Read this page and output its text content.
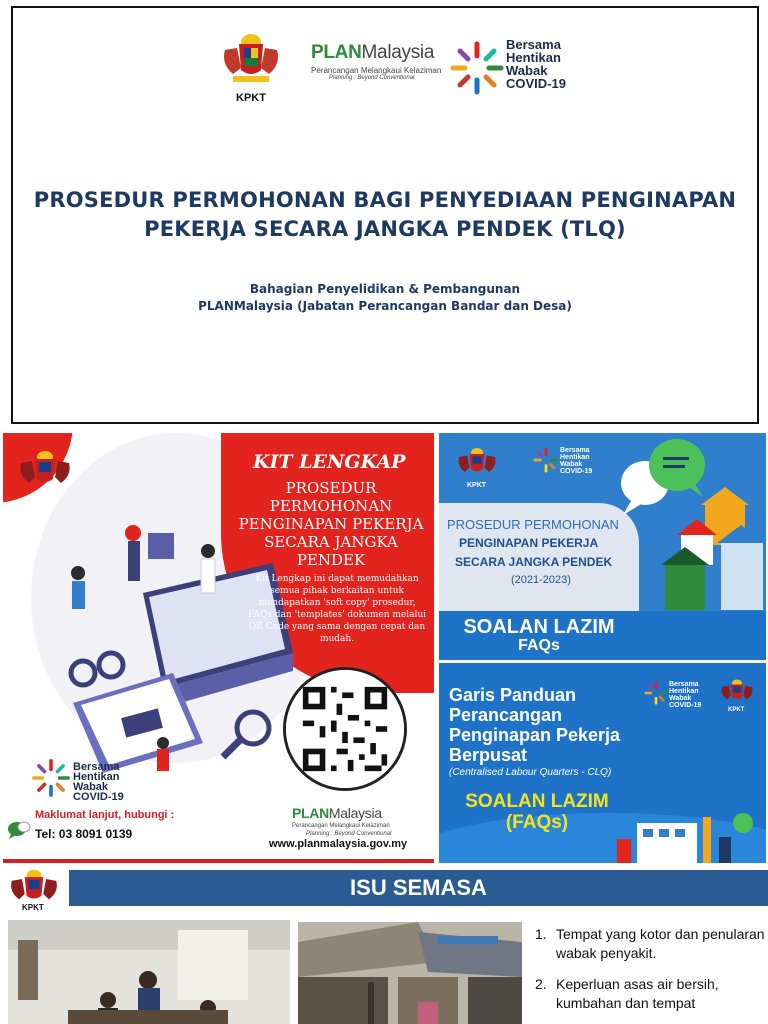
KPKT
PLANMalaysia
Perancangan Melangkaui Kelaziman
Planning : Beyond Conventional
Bersama
Hentikan
Wabak
COVID-19
PROSEDUR PERMOHONAN BAGI PENYEDIAAN PENGINAPAN
PEKERJA SECARA JANGKA PENDEK (TLQ)
Bahagian Penyelidikan & Pembangunan
PLANMalaysia (Jabatan Perancangan Bandar dan Desa)
KPKT
KIT LENGKAP
PROSEDUR
PERMOHONAN
PENGINAPAN PEKERJA
SECARA JANGKA PENDEK
Kit Lengkap ini dapat memudahkan semua pihak berkaitan untuk mendapatkan 'soft copy' prosedur, FAQs dan 'templates' dokumen melalui QR Code yang sama dengan cepat dan mudah.
Bersama
Hentikan
Wabak
COVID-19
Maklumat lanjut, hubungi :
Tel: 03 8091 0139
PLANMalaysia
Perancangan Melangkaui Kelaziman
Planning : Beyond Conventional
www.planmalaysia.gov.my
KPKT
Bersama
Hentikan
Wabak
COVID-19
PROSEDUR PERMOHONAN
PENGINAPAN PEKERJA
SECARA JANGKA PENDEK
(2021-2023)
SOALAN LAZIM
FAQs
Garis Panduan
Perancangan
Penginapan Pekerja
Berpusat
(Centralised Labour Quarters - CLQ)
SOALAN LAZIM
(FAQs)
Bersama
Hentikan
Wabak
COVID-19
KPKT
KPKT
ISU SEMASA
1. Tempat yang kotor dan penularan wabak penyakit.
2. Keperluan asas air bersih, kumbahan dan tempat
